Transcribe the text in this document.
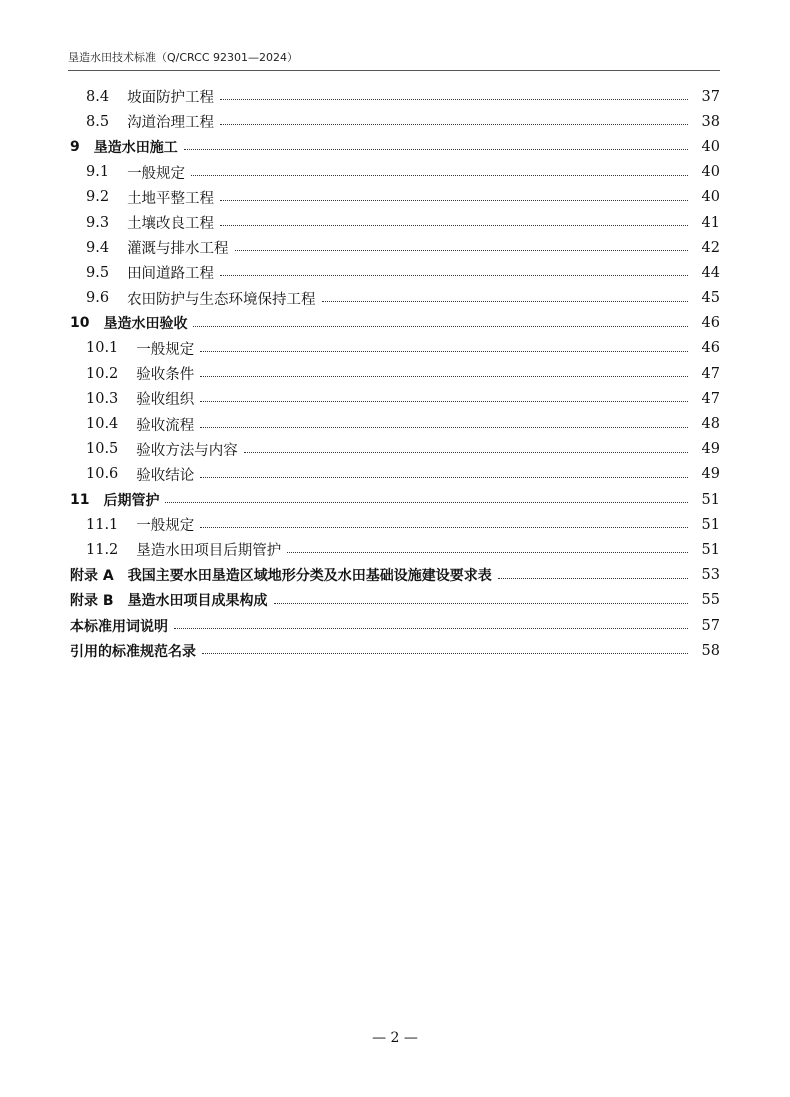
垦造水田技术标准（Q/CRCC 92301—2024）
8.4 坡面防护工程	37
8.5 沟道治理工程	38
9 垦造水田施工	40
9.1 一般规定	40
9.2 土地平整工程	40
9.3 土壤改良工程	41
9.4 灌溉与排水工程	42
9.5 田间道路工程	44
9.6 农田防护与生态环境保持工程	45
10 垦造水田验收	46
10.1 一般规定	46
10.2 验收条件	47
10.3 验收组织	47
10.4 验收流程	48
10.5 验收方法与内容	49
10.6 验收结论	49
11 后期管护	51
11.1 一般规定	51
11.2 垦造水田项目后期管护	51
附录 A 我国主要水田垦造区域地形分类及水田基础设施建设要求表	53
附录 B 垦造水田项目成果构成	55
本标准用词说明	57
引用的标准规范名录	58
— 2 —
